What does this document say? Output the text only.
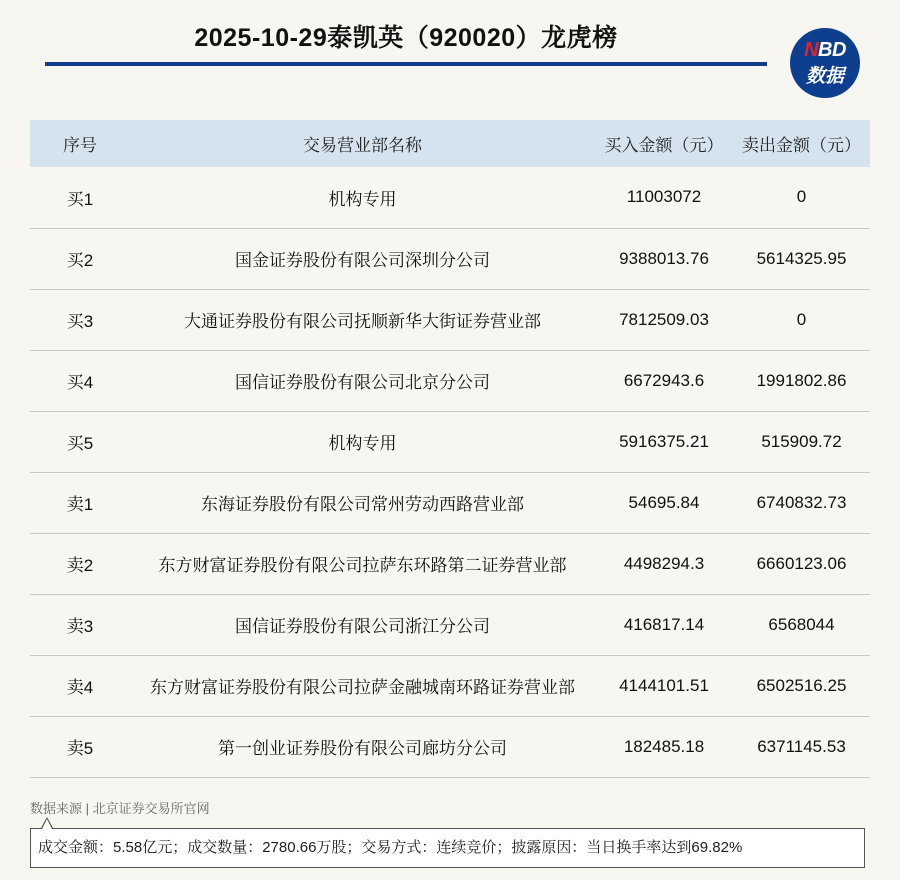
2025-10-29泰凯英（920020）龙虎榜	NBD
数据
序号	交易营业部名称	买入金额（元）	卖出金额（元）
买1	机构专用	11003072	0
买2	国金证券股份有限公司深圳分公司	9388013.76	5614325.95
买3	大通证券股份有限公司抚顺新华大街证券营业部	7812509.03	0
买4	国信证券股份有限公司北京分公司	6672943.6	1991802.86
买5	机构专用	5916375.21	515909.72
卖1	东海证券股份有限公司常州劳动西路营业部	54695.84	6740832.73
卖2	东方财富证券股份有限公司拉萨东环路第二证券营业部	4498294.3	6660123.06
卖3	国信证券股份有限公司浙江分公司	416817.14	6568044
卖4	东方财富证券股份有限公司拉萨金融城南环路证券营业部	4144101.51	6502516.25
卖5	第一创业证券股份有限公司廊坊分公司	182485.18	6371145.53
数据来源 | 北京证券交易所官网
成交金额：5.58亿元；成交数量：2780.66万股；交易方式：连续竞价；披露原因：当日换手率达到69.82%
